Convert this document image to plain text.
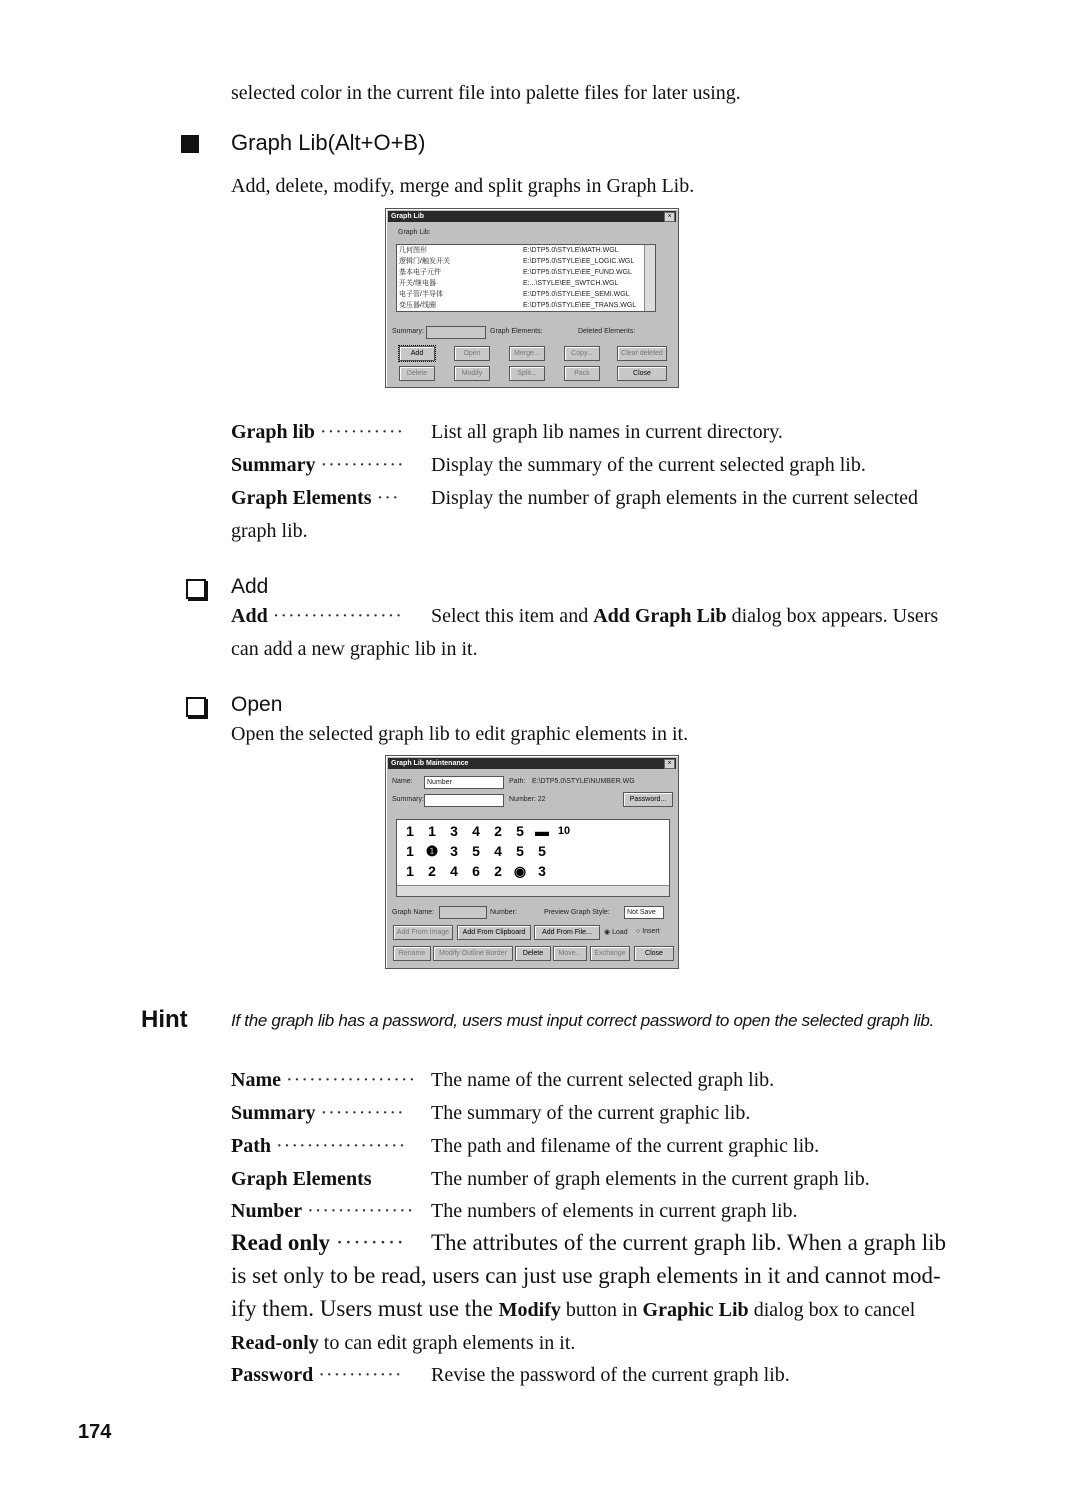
selected color in the current file into palette files for later using.
Graph Lib(Alt+O+B)
Add, delete, modify, merge and split graphs in Graph Lib.
Graph Lib	×
Graph Lib:
几何图形	E:\DTP5.0\STYLE\MATH.WGL
逻辑门/触发开关	E:\DTP5.0\STYLE\EE_LOGIC.WGL
基本电子元件	E:\DTP5.0\STYLE\EE_FUND.WGL
开关/继电器	E:...\STYLE\EE_SWTCH.WGL
电子管/半导体	E:\DTP5.0\STYLE\EE_SEMI.WGL
变压器/线圈	E:\DTP5.0\STYLE\EE_TRANS.WGL
Summary:	Graph Elements:	Deleted Elements:
Add	Open	Merge...	Copy...	Clear deleted
Delete	Modify	Split...	Pack	Close
Graph lib ··········· List all graph lib names in current directory.
Summary ··········· Display the summary of the current selected graph lib.
Graph Elements ··· Display the number of graph elements in the current selected
graph lib.
Add
Add ················· Select this item and Add Graph Lib dialog box appears. Users
can add a new graphic lib in it.
Open
Open the selected graph lib to edit graphic elements in it.
Graph Lib Maintenance	×
Name:	Number	Path: E:\DTP5.0\STYLE\NUMBER.WG
Summary:	Number: 22	Password...
1 1 3 4 2 5 ▬ 10
1 ❶ 3 5 4 5 5
1 2 4 6 2 ◉ 3
Graph Name:	Number:	Preview Graph Style:	Not Save
Add From Image	Add From Clipboard	Add From File...	◉ Load ○ Insert
Rename	Modify Outline Border	Delete	Move...	Exchange	Close
Hint	If the graph lib has a password, users must input correct password to open the selected graph lib.
Name ················· The name of the current selected graph lib.
Summary ··········· The summary of the current graphic lib.
Path ················· The path and filename of the current graphic lib.
Graph Elements	The number of graph elements in the current graph lib.
Number ·············· The numbers of elements in current graph lib.
Read only ········ The attributes of the current graph lib. When a graph lib
is set only to be read, users can just use graph elements in it and cannot mod-
ify them. Users must use the Modify button in Graphic Lib dialog box to cancel
Read-only to can edit graph elements in it.
Password ··········· Revise the password of the current graph lib.
174
